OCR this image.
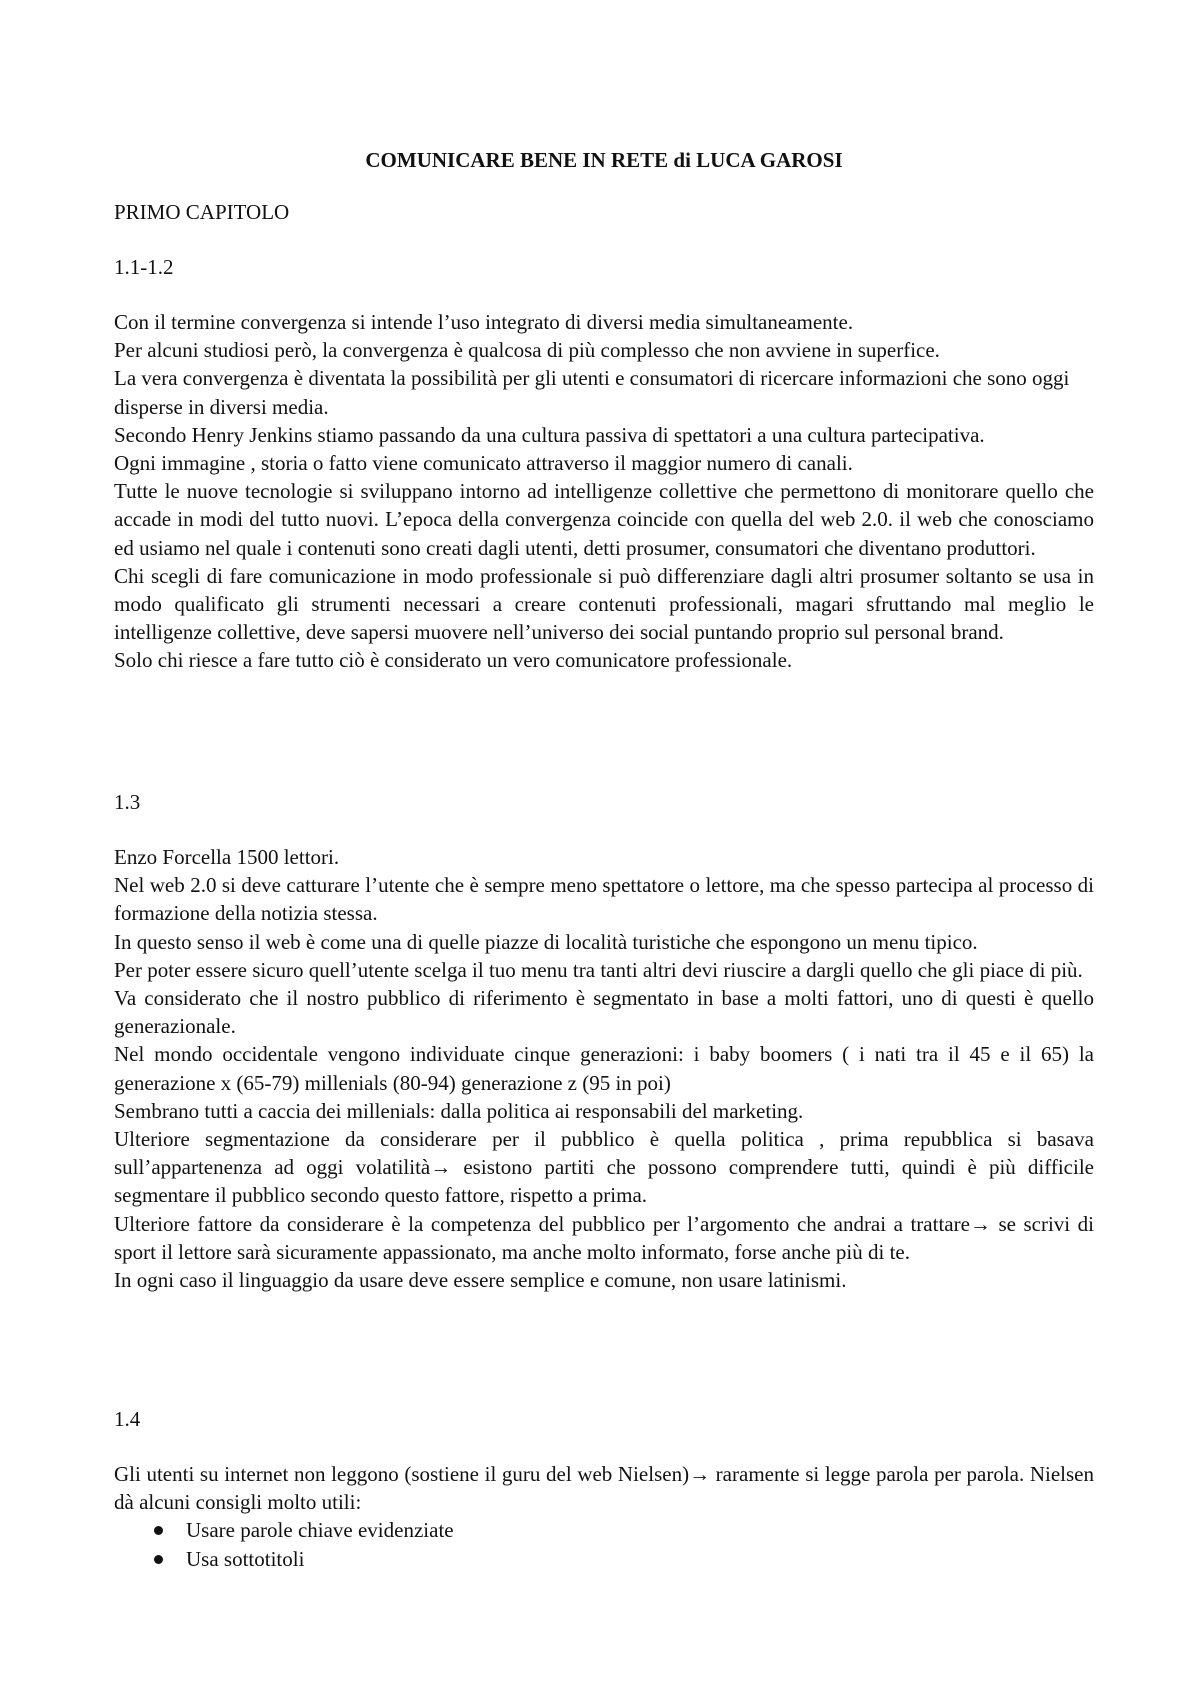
COMUNICARE BENE IN RETE di LUCA GAROSI
PRIMO CAPITOLO
1.1-1.2

Con il termine convergenza si intende l’uso integrato di diversi media simultaneamente.

Per alcuni studiosi però, la convergenza è qualcosa di più complesso che non avviene in superfice.

La vera convergenza è diventata la possibilità per gli utenti e consumatori di ricercare informazioni che sono oggi disperse in diversi media.

Secondo Henry Jenkins stiamo passando da una cultura passiva di spettatori a una cultura partecipativa.

Ogni immagine , storia o fatto viene comunicato attraverso il maggior numero di canali.

Tutte le nuove tecnologie si sviluppano intorno ad intelligenze collettive che permettono di monitorare quello che accade in modi del tutto nuovi. L’epoca della convergenza coincide con quella del web 2.0. il web che conosciamo ed usiamo nel quale i contenuti sono creati dagli utenti, detti prosumer, consumatori che diventano produttori.

Chi scegli di fare comunicazione in modo professionale si può differenziare dagli altri prosumer soltanto se usa in modo qualificato gli strumenti necessari a creare contenuti professionali, magari sfruttando mal meglio le intelligenze collettive, deve sapersi muovere nell’universo dei social puntando proprio sul personal brand.

Solo chi riesce a fare tutto ciò è considerato un vero comunicatore professionale.

1.3

Enzo Forcella 1500 lettori.

Nel web 2.0 si deve catturare l’utente che è sempre meno spettatore o lettore, ma che spesso partecipa al processo di formazione della notizia stessa.

In questo senso il web è come una di quelle piazze di località turistiche che espongono un menu tipico.

Per poter essere sicuro quell’utente scelga il tuo menu tra tanti altri devi riuscire a dargli quello che gli piace di più.

Va considerato che il nostro pubblico di riferimento è segmentato in base a molti fattori, uno di questi è quello generazionale.

Nel mondo occidentale vengono individuate cinque generazioni: i baby boomers ( i nati tra il 45 e il 65) la generazione x (65-79) millenials (80-94) generazione z (95 in poi)

Sembrano tutti a caccia dei millenials: dalla politica ai responsabili del marketing.

Ulteriore segmentazione da considerare per il pubblico è quella politica , prima repubblica si basava sull’appartenenza ad oggi volatilità→ esistono partiti che possono comprendere tutti, quindi è più difficile segmentare il pubblico secondo questo fattore, rispetto a prima.

Ulteriore fattore da considerare è la competenza del pubblico per l’argomento che andrai a trattare→ se scrivi di sport il lettore sarà sicuramente appassionato, ma anche molto informato, forse anche più di te.

In ogni caso il linguaggio da usare deve essere semplice e comune, non usare latinismi.

1.4

Gli utenti su internet non leggono (sostiene il guru del web Nielsen)→ raramente si legge parola per parola. Nielsen dà alcuni consigli molto utili:

Usare parole chiave evidenziate
Usa sottotitoli
